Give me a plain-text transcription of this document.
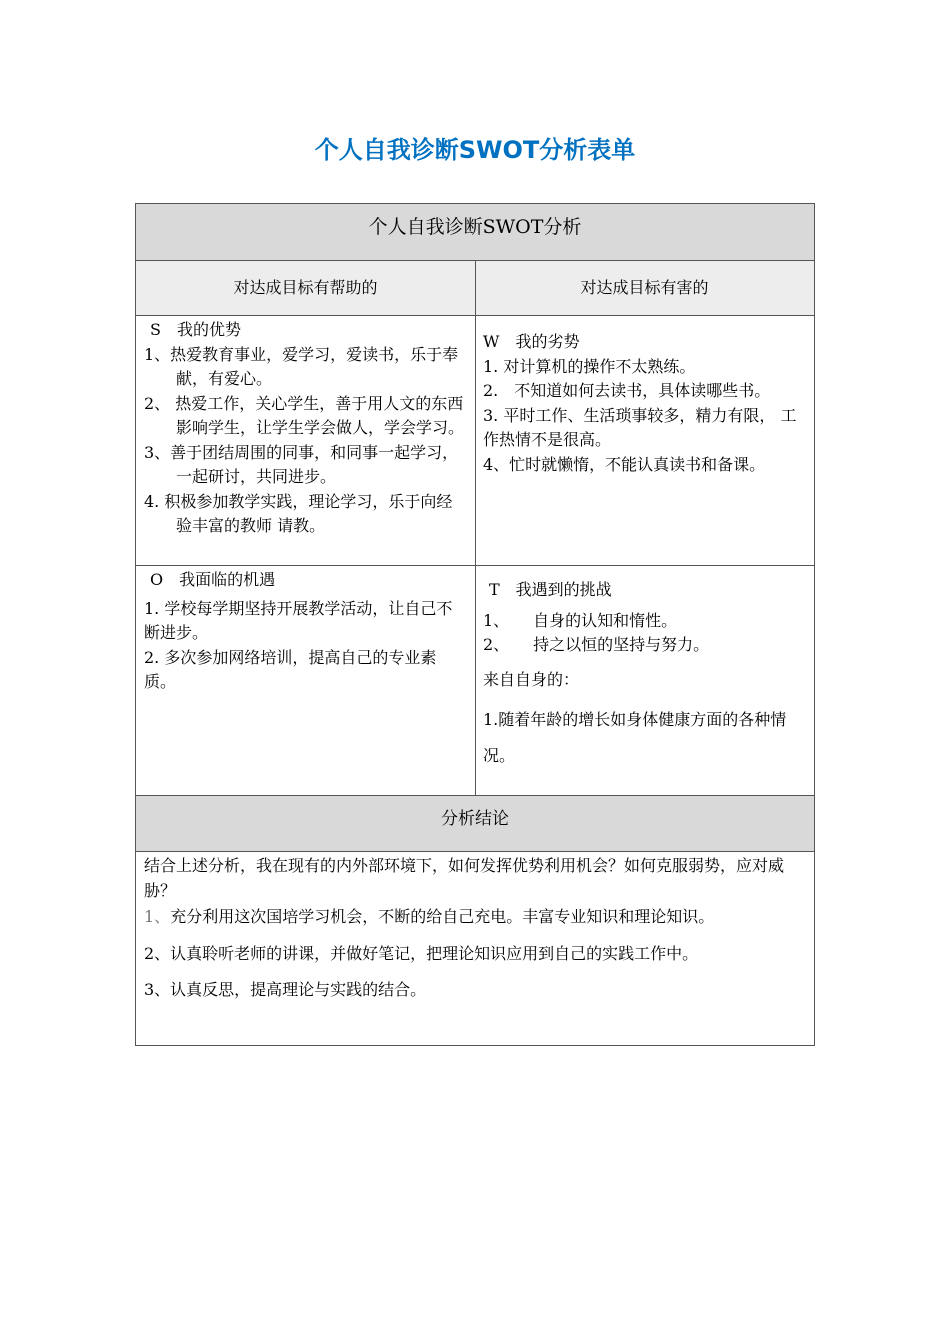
个人自我诊断SWOT分析表单
个人自我诊断SWOT分析
对达成目标有帮助的	对达成目标有害的

S　我的优势

1、热爱教育事业，爱学习，爱读书，乐于奉献，有爱心。

2、 热爱工作，关心学生，善于用人文的东西影响学生，让学生学会做人，学会学习。

3、善于团结周围的同事，和同事一起学习，一起研讨，共同进步。

4. 积极参加教学实践，理论学习，乐于向经验丰富的教师 请教。

W　我的劣势

1. 对计算机的操作不太熟练。

2.　不知道如何去读书，具体读哪些书。

3. 平时工作、生活琐事较多，精力有限， 工作热情不是很高。

4、忙时就懒惰，不能认真读书和备课。

O　我面临的机遇

1. 学校每学期坚持开展教学活动，让自己不断进步。

2. 多次参加网络培训，提高自己的专业素质。

T　我遇到的挑战

1、　　自身的认知和惰性。

2、　　持之以恒的坚持与努力。

来自自身的：

1.随着年龄的增长如身体健康方面的各种情况。

分析结论

结合上述分析，我在现有的内外部环境下，如何发挥优势利用机会？如何克服弱势，应对威胁？

1、充分利用这次国培学习机会，不断的给自己充电。丰富专业知识和理论知识。

2、认真聆听老师的讲课，并做好笔记，把理论知识应用到自己的实践工作中。

3、认真反思，提高理论与实践的结合。
